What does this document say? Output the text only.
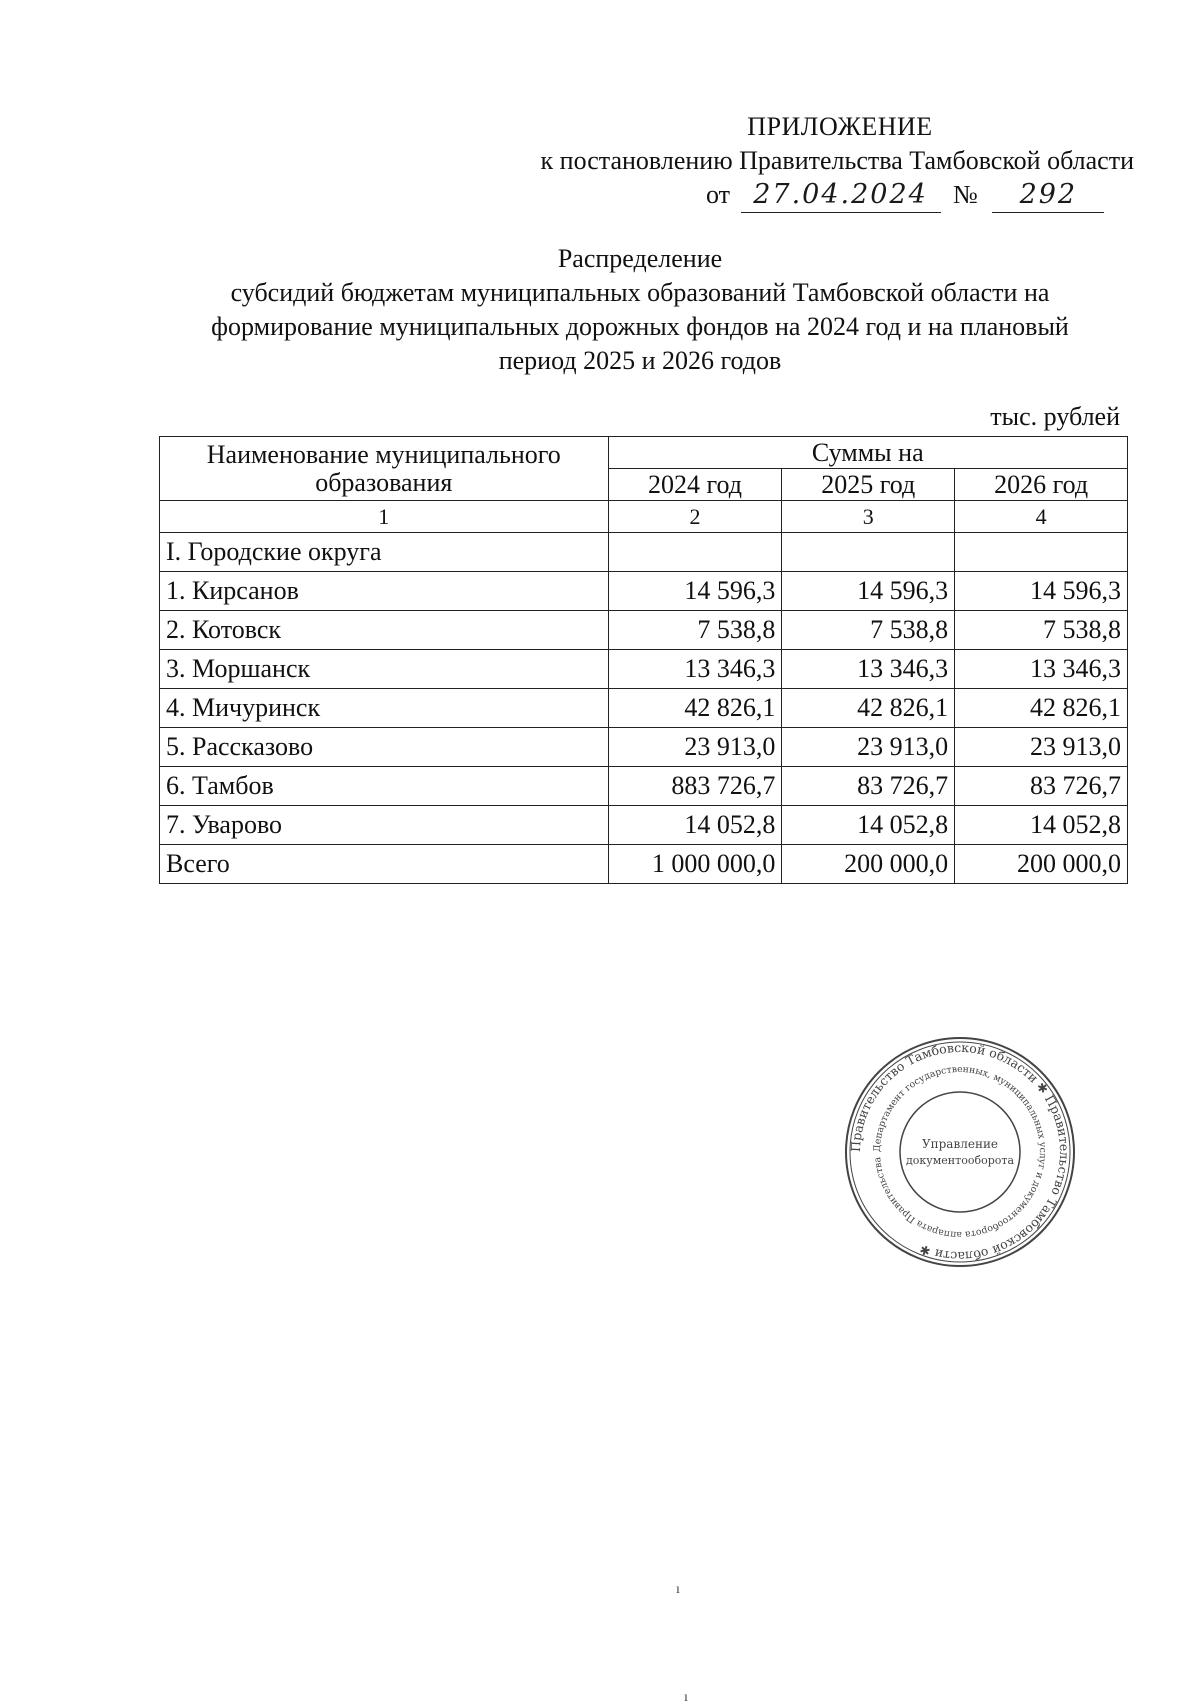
ПРИЛОЖЕНИЕ
к постановлению Правительства Тамбовской области
от 27.04.2024 № 292
Распределение
субсидий бюджетам муниципальных образований Тамбовской области на
формирование муниципальных дорожных фондов на 2024 год и на плановый
период 2025 и 2026 годов
тыс. рублей
Наименование муниципального образования	Суммы на		
	2024 год	2025 год	2026 год
1	2	3	4
I. Городские округа			
1. Кирсанов	14 596,3	14 596,3	14 596,3
2. Котовск	7 538,8	7 538,8	7 538,8
3. Моршанск	13 346,3	13 346,3	13 346,3
4. Мичуринск	42 826,1	42 826,1	42 826,1
5. Рассказово	23 913,0	23 913,0	23 913,0
6. Тамбов	883 726,7	83 726,7	83 726,7
7. Уварово	14 052,8	14 052,8	14 052,8
Всего	1 000 000,0	200 000,0	200 000,0
Правительство Тамбовской области ✱ Правительство Тамбовской области ✱
Департамент государственных, муниципальных услуг и документооборота аппарата Правительства
Управление
документооборота
ı
ı
